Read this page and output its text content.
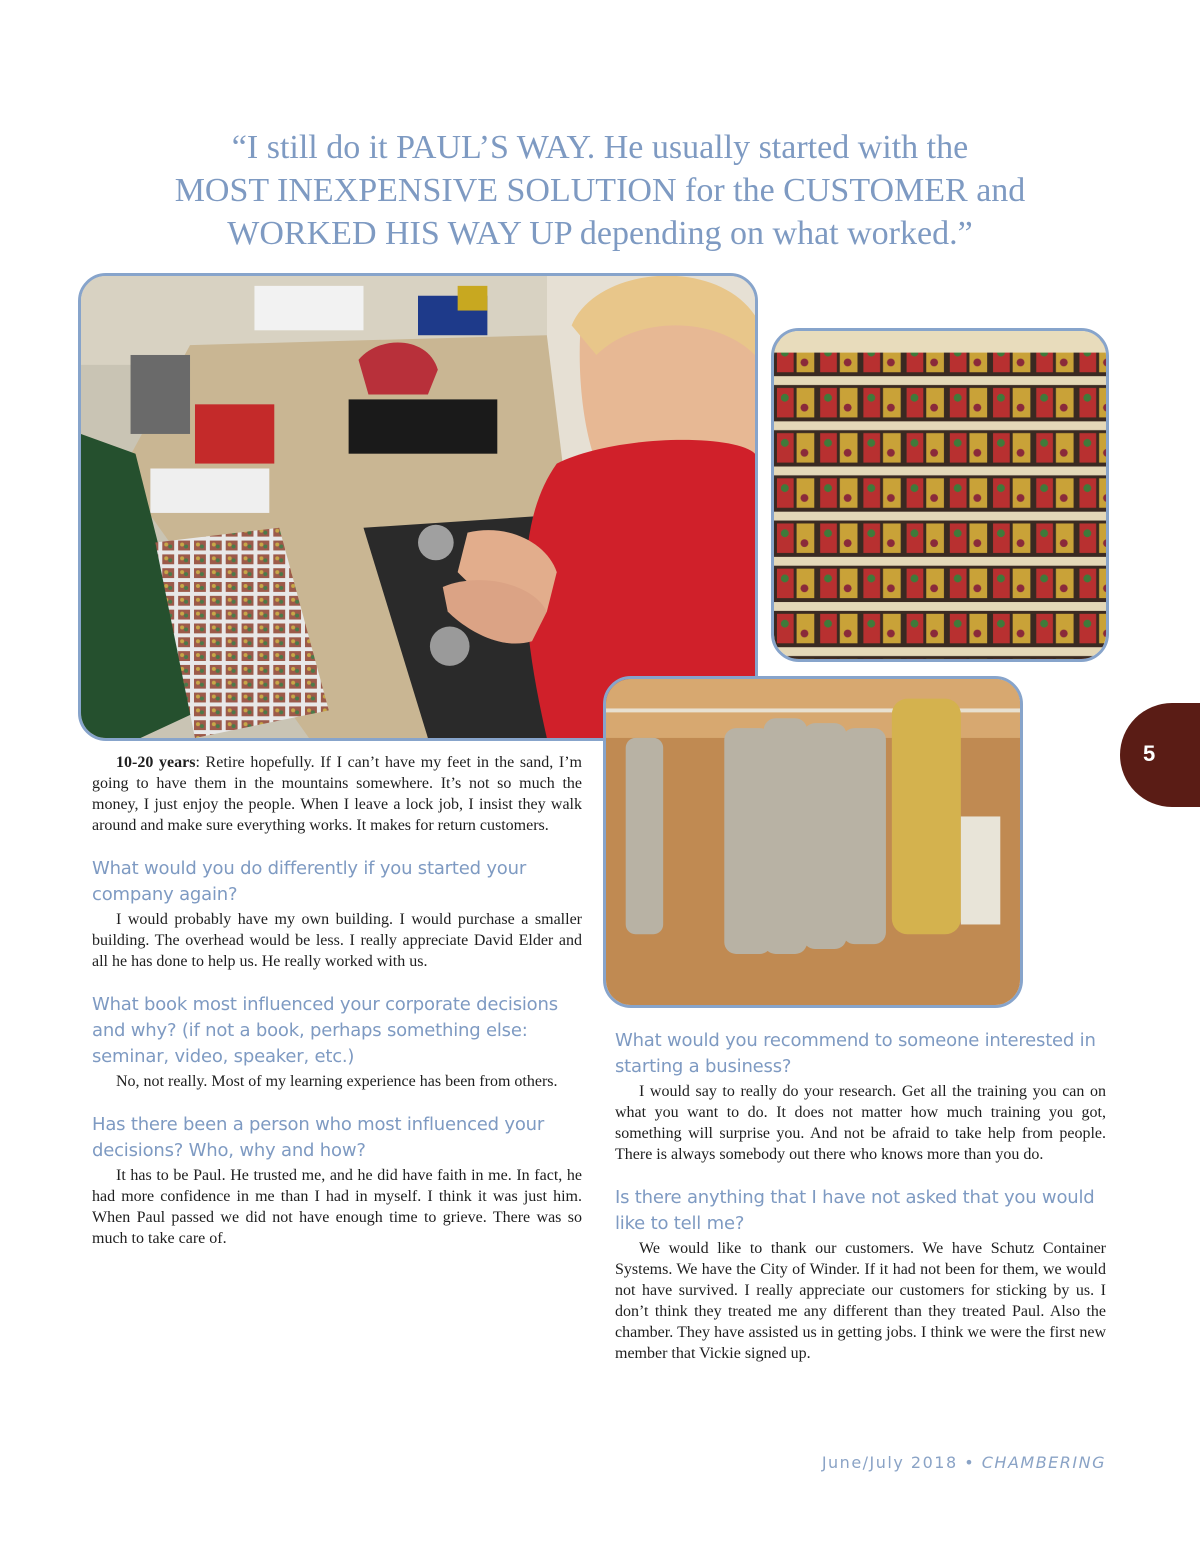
“I still do it PAUL’S WAY. He usually started with the
MOST INEXPENSIVE SOLUTION for the CUSTOMER and
WORKED HIS WAY UP depending on what worked.”

10-20 years: Retire hopefully. If I can’t have my feet in the sand, I’m going to have them in the mountains somewhere. It’s not so much the money, I just enjoy the people. When I leave a lock job, I insist they walk around and make sure everything works. It makes for return customers.

What would you do differently if you started your company again?

I would probably have my own building. I would purchase a smaller building. The overhead would be less. I really appreciate David Elder and all he has done to help us. He really worked with us.

What book most influenced your corporate decisions and why? (if not a book, perhaps something else: seminar, video, speaker, etc.)

No, not really. Most of my learning experience has been from others.

Has there been a person who most influenced your decisions? Who, why and how?

It has to be Paul. He trusted me, and he did have faith in me. In fact, he had more confidence in me than I had in myself. I think it was just him. When Paul passed we did not have enough time to grieve. There was so much to take care of.

What would you recommend to someone interested in starting a business?

I would say to really do your research. Get all the training you can on what you want to do. It does not matter how much training you got, something will surprise you. And not be afraid to take help from people. There is always somebody out there who knows more than you do.

Is there anything that I have not asked that you would like to tell me?

We would like to thank our customers. We have Schutz Container Systems. We have the City of Winder. If it had not been for them, we would not have survived. I really appreciate our customers for sticking by us. I don’t think they treated me any different than they treated Paul. Also the chamber. They have assisted us in getting jobs. I think we were the first new member that Vickie signed up.

5
June/July 2018 • CHAMBERING
